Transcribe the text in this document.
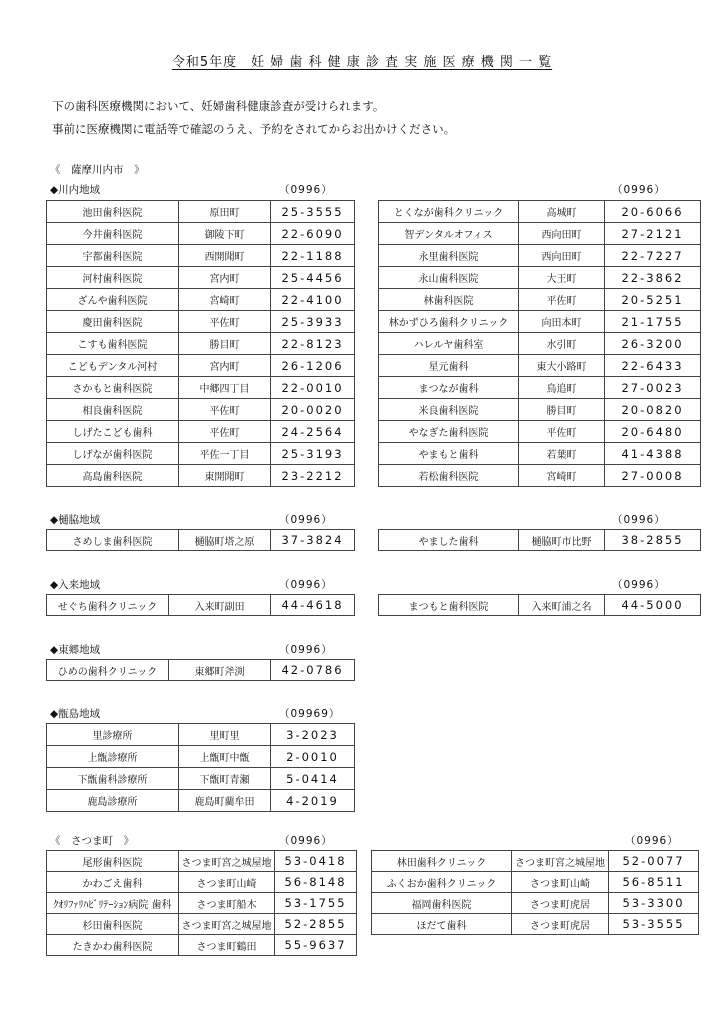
令和5年度　妊 婦 歯 科 健 康 診 査 実 施 医 療 機 関 一 覧
下の歯科医療機関において、妊婦歯科健康診査が受けられます。
事前に医療機関に電話等で確認のうえ、予約をされてからお出かけください。
《　薩摩川内市　》
◆川内地域	（0996）	（0996）
池田歯科医院	原田町	25-3555
今井歯科医院	御陵下町	22-6090
宇都歯科医院	西開聞町	22-1188
河村歯科医院	宮内町	25-4456
ざんや歯科医院	宮崎町	22-4100
慶田歯科医院	平佐町	25-3933
こすも歯科医院	勝目町	22-8123
こどもデンタル河村	宮内町	26-1206
さかもと歯科医院	中郷四丁目	22-0010
相良歯科医院	平佐町	20-0020
しげたこども歯科	平佐町	24-2564
しげなが歯科医院	平佐一丁目	25-3193
高島歯科医院	東開聞町	23-2212
とくなが歯科クリニック	高城町	20-6066
智デンタルオフィス	西向田町	27-2121
永里歯科医院	西向田町	22-7227
永山歯科医院	大王町	22-3862
林歯科医院	平佐町	20-5251
林かずひろ歯科クリニック	向田本町	21-1755
ハレルヤ歯科室	水引町	26-3200
星元歯科	東大小路町	22-6433
まつなが歯科	鳥追町	27-0023
米良歯科医院	勝目町	20-0820
やなぎた歯科医院	平佐町	20-6480
やまもと歯科	若葉町	41-4388
若松歯科医院	宮崎町	27-0008
◆樋脇地域	（0996）	（0996）
さめしま歯科医院	樋脇町塔之原	37-3824	やました歯科	樋脇町市比野	38-2855
◆入来地域	（0996）	（0996）
せぐち歯科クリニック	入来町副田	44-4618	まつもと歯科医院	入来町浦之名	44-5000
◆東郷地域	（0996）
ひめの歯科クリニック	東郷町斧渕	42-0786
◆甑島地域	（09969）
里診療所	里町里	3-2023
上甑診療所	上甑町中甑	2-0010
下甑歯科診療所	下甑町青瀬	5-0414
鹿島診療所	鹿島町藺牟田	4-2019
《　さつま町　》	（0996）	（0996）
尾形歯科医院	さつま町宮之城屋地	53-0418
かわごえ歯科	さつま町山崎	56-8148
ｸｵﾘﾌｧﾘﾊﾋﾞﾘﾃｰｼｮﾝ病院 歯科	さつま町船木	53-1755
杉田歯科医院	さつま町宮之城屋地	52-2855
たきかわ歯科医院	さつま町鶴田	55-9637
林田歯科クリニック	さつま町宮之城屋地	52-0077
ふくおか歯科クリニック	さつま町山崎	56-8511
福岡歯科医院	さつま町虎居	53-3300
ほだて歯科	さつま町虎居	53-3555
